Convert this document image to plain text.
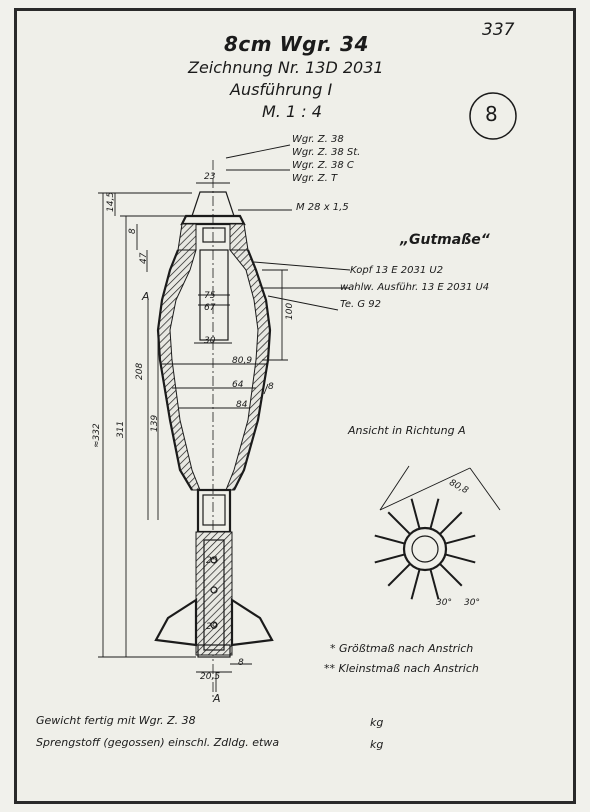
337
8cm Wgr. 34
Zeichnung Nr. 13D 2031
Ausführung I
M. 1 : 4	8
Wgr. Z. 38
Wgr. Z. 38 St.
Wgr. Z. 38 C
Wgr. Z. T
M 28 x 1,5
„Gutmaße“
Kopf 13 E 2031 U2
wahlw. Ausführ. 13 E 2031 U4
Te. G 92
23
14,5
8
47
75
67
30
80,9
64
84
100
208
139
311
≈332
20,5
8
8
A
A
25
29
Ansicht in Richtung A
80,8
30° 30°
* Größtmaß nach Anstrich
** Kleinstmaß nach Anstrich
Gewicht fertig mit Wgr. Z. 38	kg
Sprengstoff (gegossen) einschl. Zdldg. etwa	kg
